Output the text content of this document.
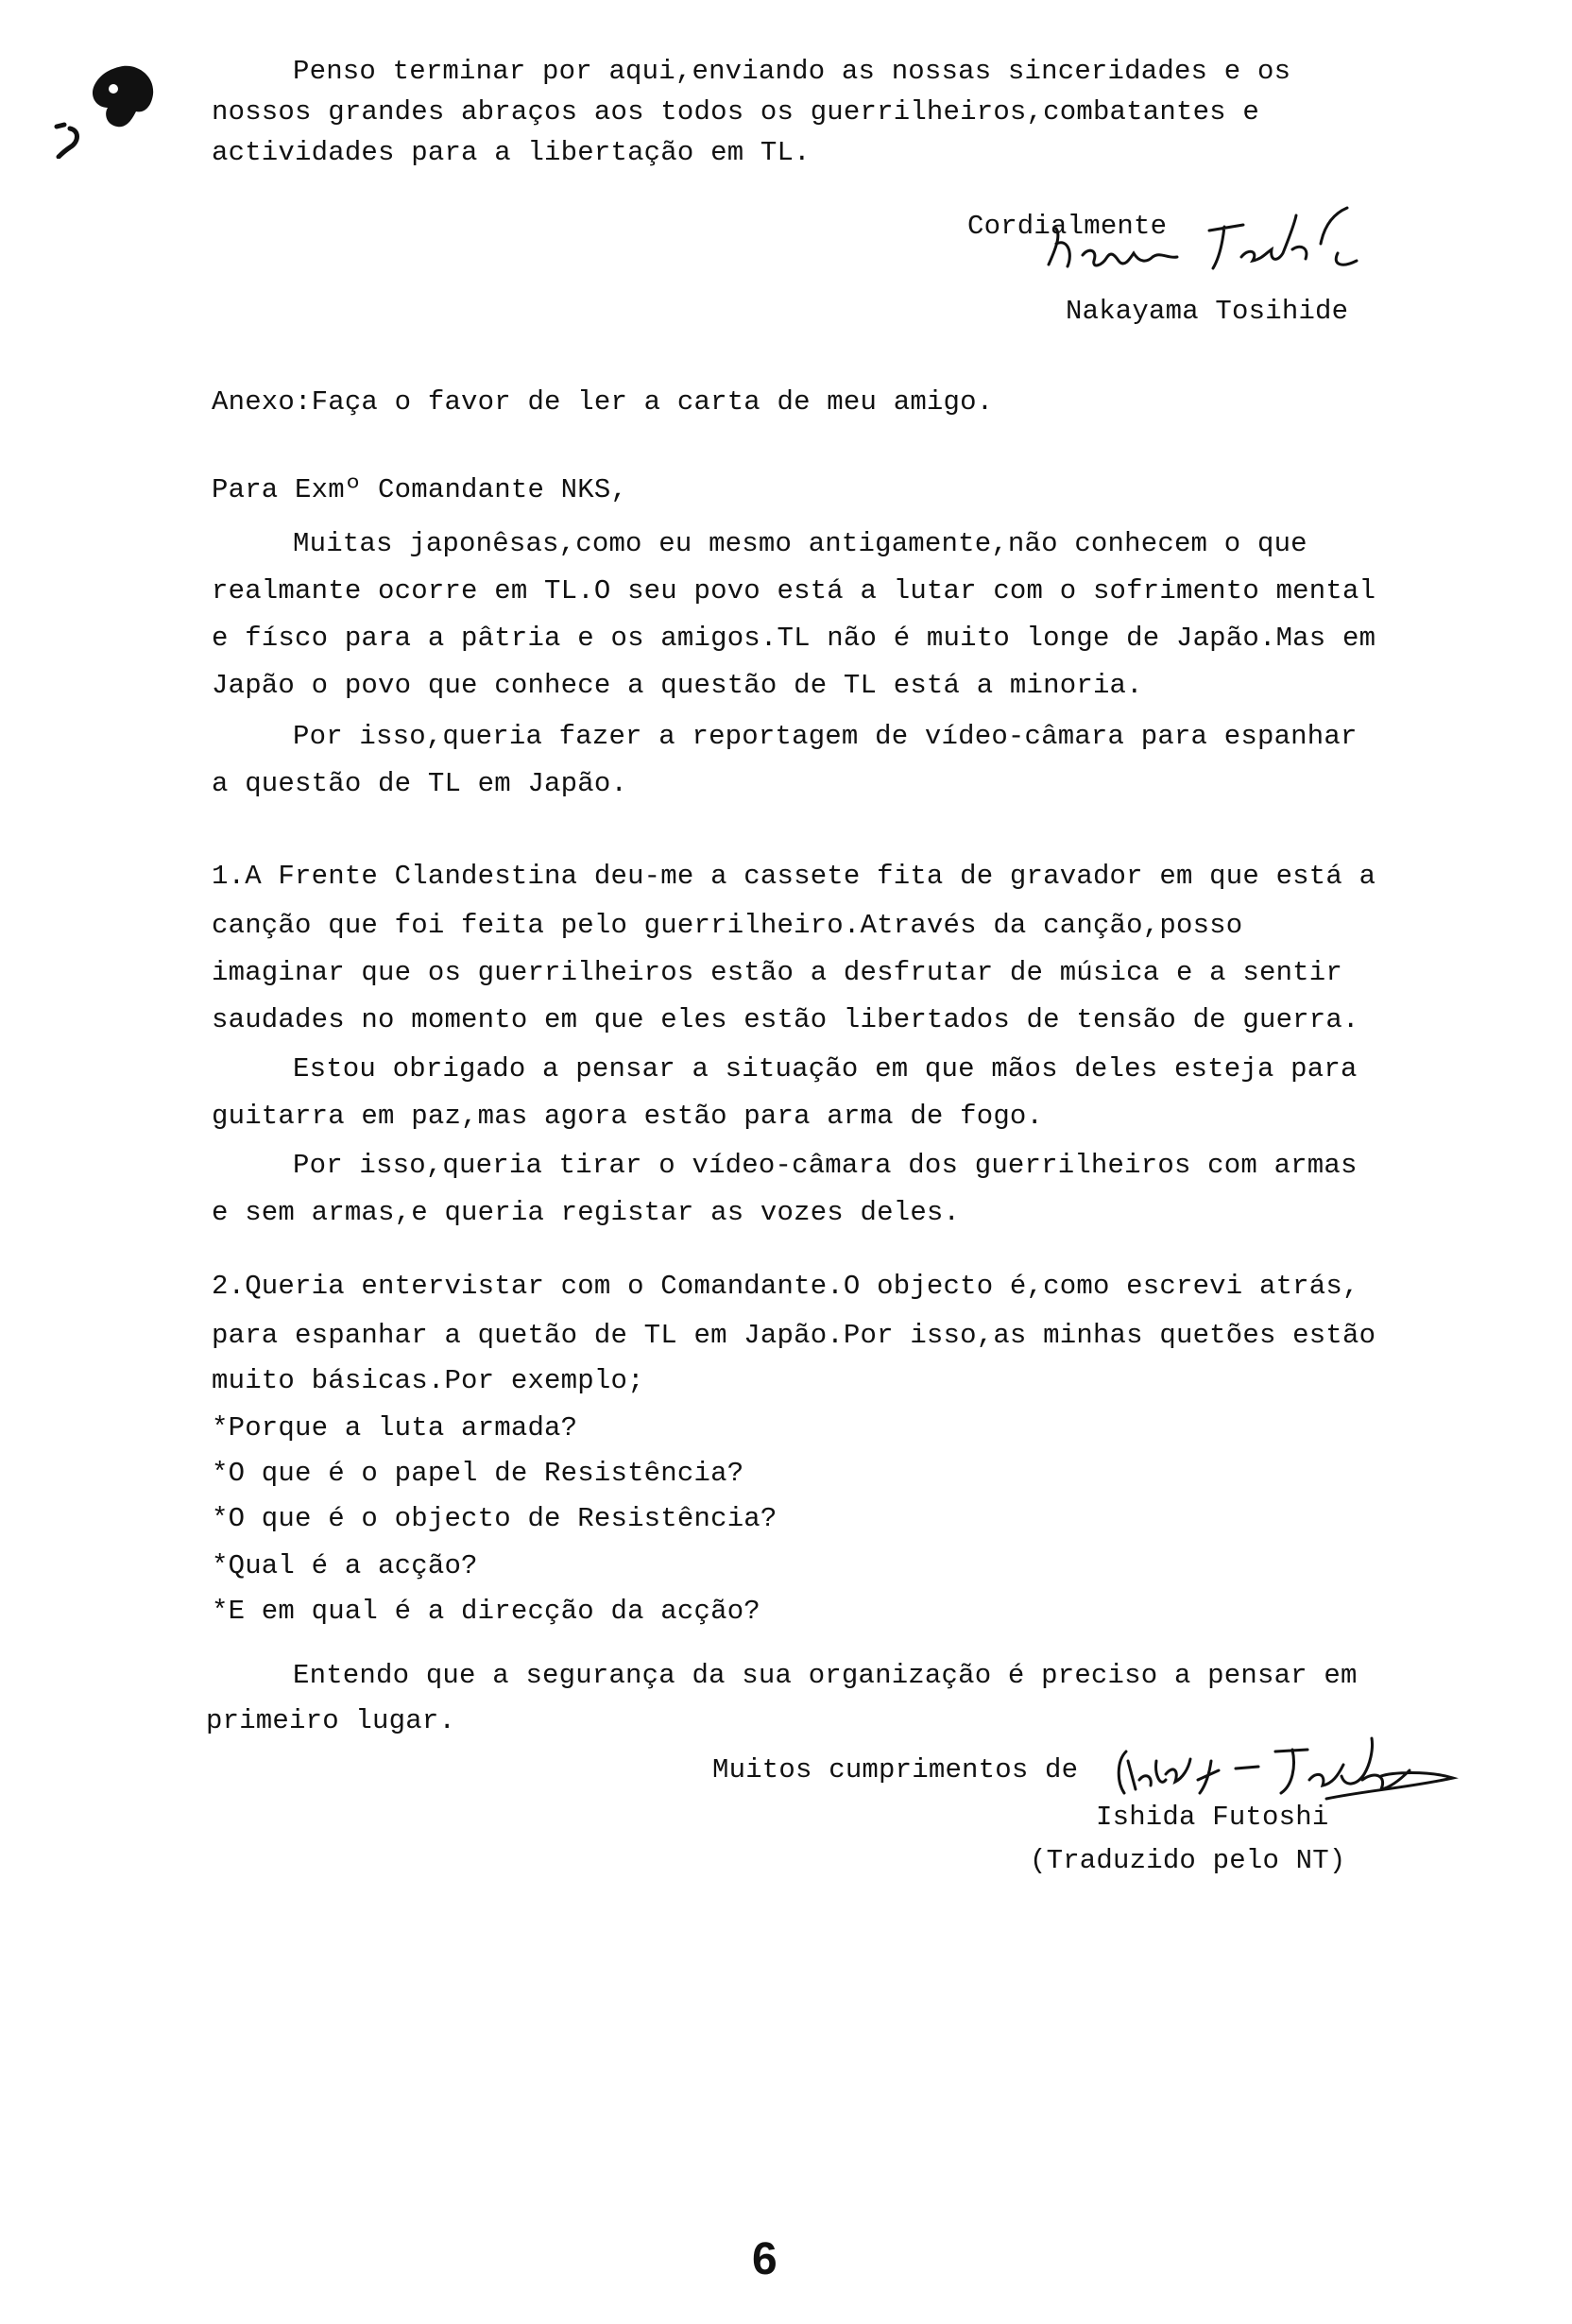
Penso terminar por aqui,enviando as nossas sinceridades e os
nossos grandes abraços aos todos os guerrilheiros,combatantes e
actividades para a libertação em TL.
Cordialmente
Nakayama Tosihide
Anexo:Faça o favor de ler a carta de meu amigo.
Para Exmº Comandante NKS,
Muitas japonêsas,como eu mesmo antigamente,não conhecem o que
realmante ocorre em TL.O seu povo está a lutar com o sofrimento mental
e físco para a pâtria e os amigos.TL não é muito longe de Japão.Mas em
Japão o povo que conhece a questão de TL está a minoria.
Por isso,queria fazer a reportagem de vídeo-câmara para espanhar
a questão de TL em Japão.
1.A Frente Clandestina deu-me a cassete fita de gravador em que está a
canção que foi feita pelo guerrilheiro.Através da canção,posso
imaginar que os guerrilheiros estão a desfrutar de música e a sentir
saudades no momento em que eles estão libertados de tensão de guerra.
Estou obrigado a pensar a situação em que mãos deles esteja para
guitarra em paz,mas agora estão para arma de fogo.
Por isso,queria tirar o vídeo-câmara dos guerrilheiros com armas
e sem armas,e queria registar as vozes deles.
2.Queria entervistar com o Comandante.O objecto é,como escrevi atrás,
para espanhar a quetão de TL em Japão.Por isso,as minhas quetões estão
muito básicas.Por exemplo;
*Porque a luta armada?
*O que é o papel de Resistência?
*O que é o objecto de Resistência?
*Qual é a acção?
*E em qual é a direcção da acção?
Entendo que a segurança da sua organização é preciso a pensar em
primeiro lugar.
Muitos cumprimentos de
Ishida Futoshi
(Traduzido pelo NT)
6
